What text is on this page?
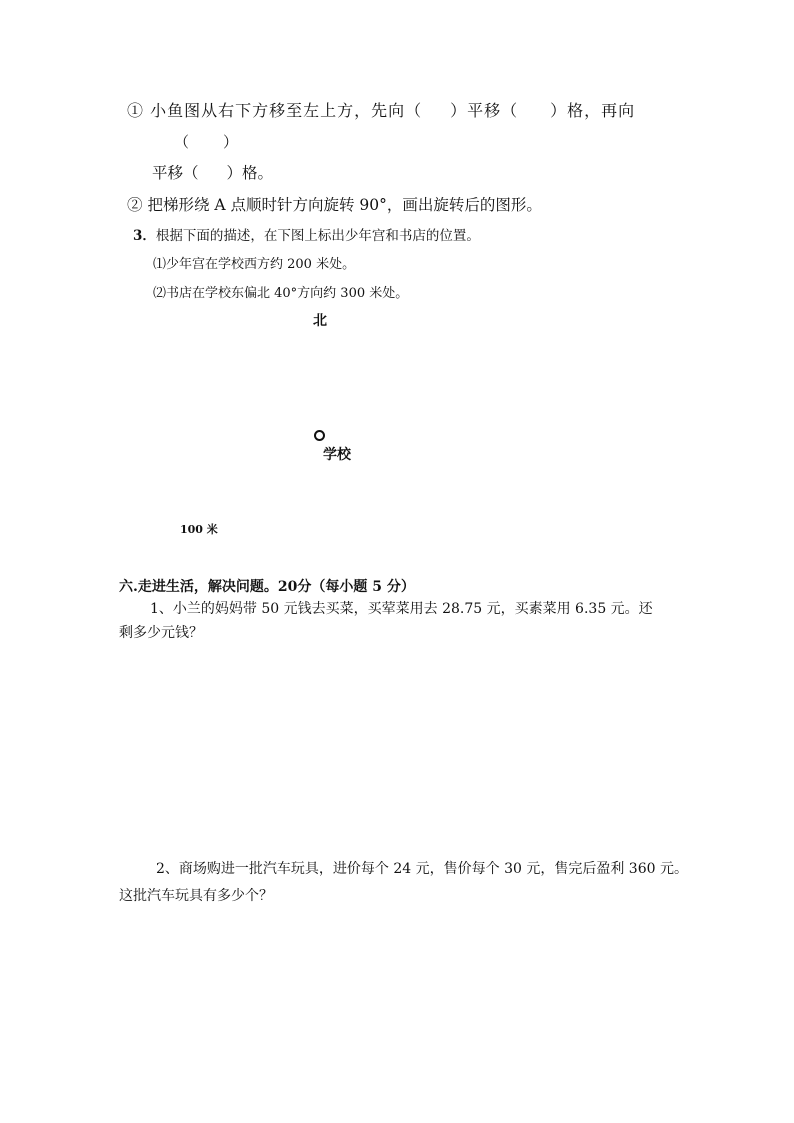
① 小鱼图从右下方移至左上方，先向（ ）平移（ ）格，再向
（ ）
平移（ ）格。
② 把梯形绕 A 点顺时针方向旋转 90°，画出旋转后的图形。
3．根据下面的描述，在下图上标出少年宫和书店的位置。
⑴少年宫在学校西方约 200 米处。
⑵书店在学校东偏北 40°方向约 300 米处。
北
学校
100 米
六.走进生活，解决问题。20分（每小题 5 分）
1、小兰的妈妈带 50 元钱去买菜，买荤菜用去 28.75 元，买素菜用 6.35 元。还
剩多少元钱？
2、商场购进一批汽车玩具，进价每个 24 元，售价每个 30 元，售完后盈利 360 元。
这批汽车玩具有多少个？
